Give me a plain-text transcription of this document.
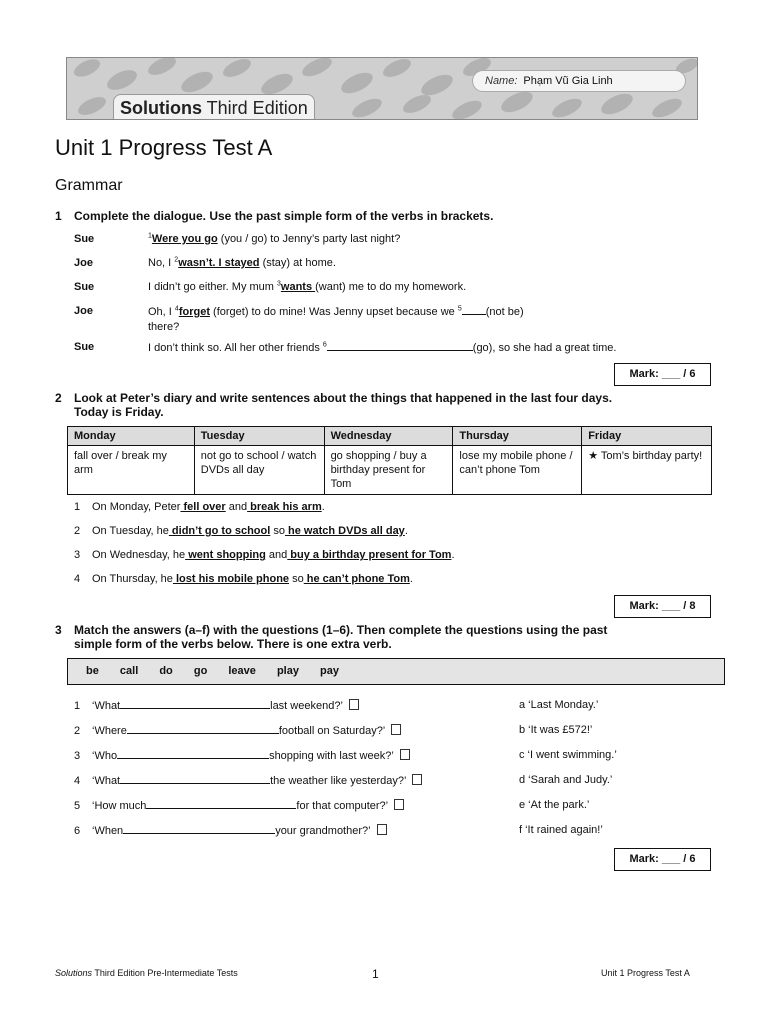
Name: Phạm Vũ Gia Linh
Solutions Third Edition
Unit 1 Progress Test A
Grammar
1 Complete the dialogue. Use the past simple form of the verbs in brackets.
Sue	$^1$Were you go (you / go) to Jenny’s party last night?
Joe	No, I $^2$wasn’t. I stayed (stay) at home.
Sue	I didn’t go either. My mum $^3$wants (want) me to do my homework.
Joe	Oh, I $^4$forget (forget) to do mine! Was Jenny upset because we $^5$ (not be)
there?
Sue	I don’t think so. All her other friends $^6$	(go), so she had a great time.
Mark: ___ / 6
2 Look at Peter’s diary and write sentences about the things that happened in the last four days. Today is Friday.
Monday	Tuesday	Wednesday	Thursday	Friday
fall over / break my arm	not go to school / watch DVDs all day	go shopping / buy a birthday present for Tom	lose my mobile phone / can’t phone Tom	★ Tom’s birthday party!
1 On Monday, Peter fell over and break his arm.
2 On Tuesday, he didn’t go to school so he watch DVDs all day.
3 On Wednesday, he went shopping and buy a birthday present for Tom.
4 On Thursday, he lost his mobile phone so he can’t phone Tom.
Mark: ___ / 8
3 Match the answers (a–f) with the questions (1–6). Then complete the questions using the past simple form of the verbs below. There is one extra verb.
be call do go leave play pay
1 ‘What	last weekend?’
2 ‘Where	football on Saturday?’
3 ‘Who	shopping with last week?’
4 ‘What	the weather like yesterday?’
5 ‘How much	for that computer?’
6 ‘When	your grandmother?’
a ‘Last Monday.’
b ‘It was £572!’
c ‘I went swimming.’
d ‘Sarah and Judy.’
e ‘At the park.’
f ‘It rained again!’
Mark: ___ / 6
Solutions Third Edition Pre-Intermediate Tests	1	Unit 1 Progress Test A
